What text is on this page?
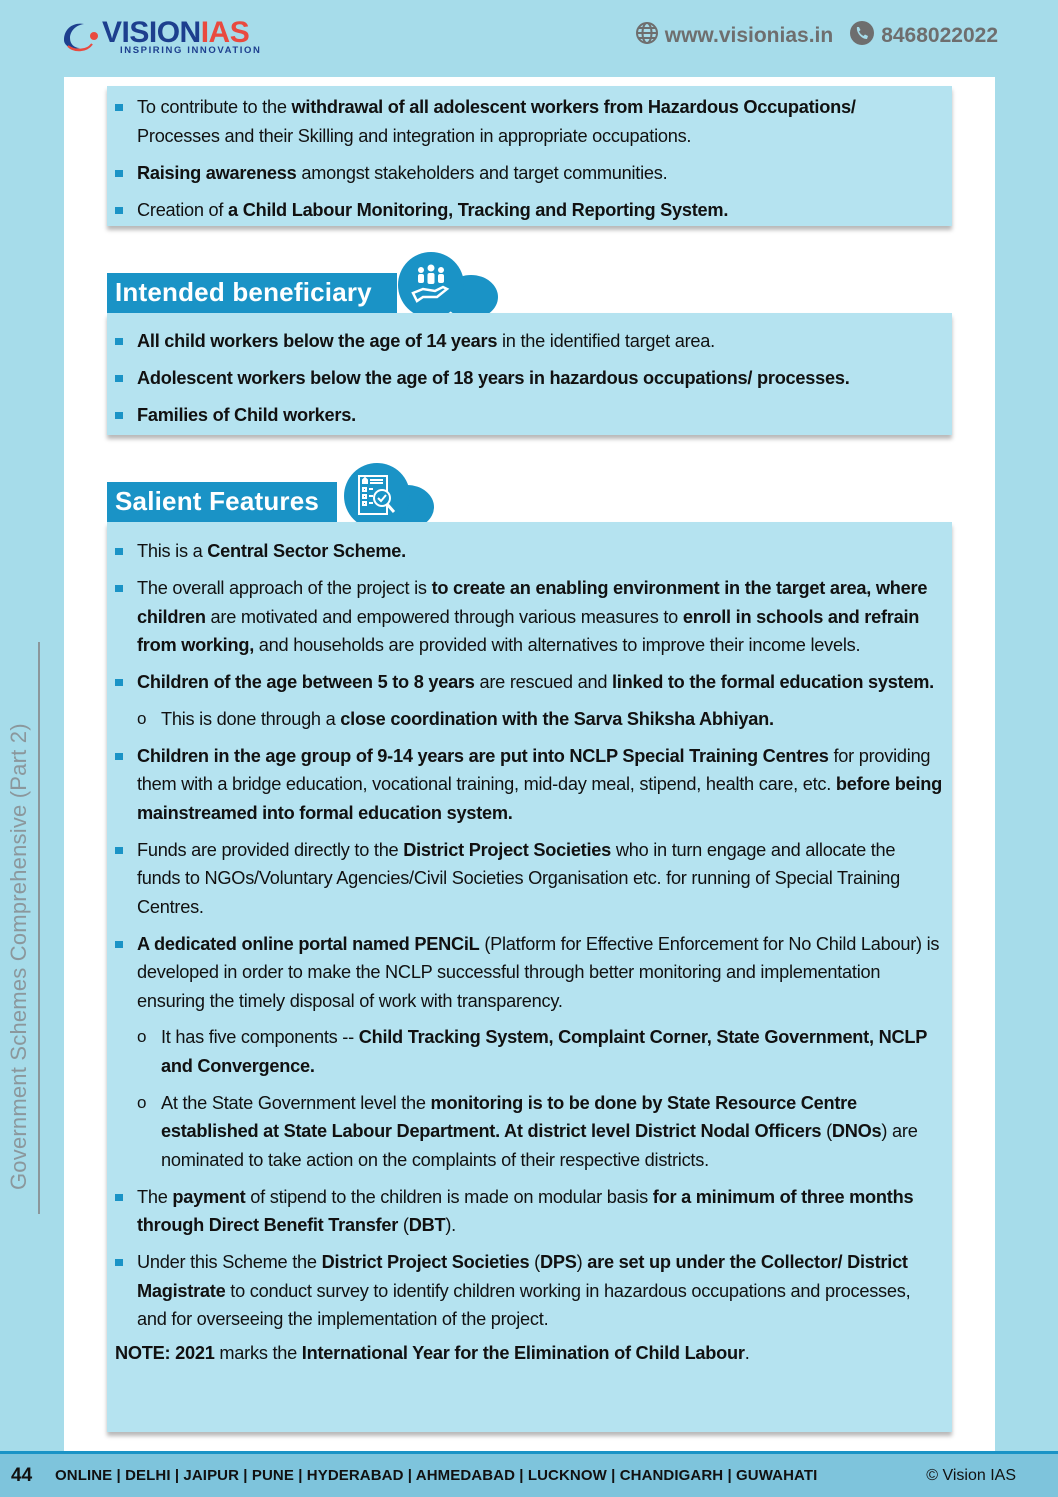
VISIONIAS
INSPIRING INNOVATION
www.visionias.in 8468022022
Government Schemes Comprehensive (Part 2)
To contribute to the withdrawal of all adolescent workers from Hazardous Occupations/ Processes and their Skilling and integration in appropriate occupations.
Raising awareness amongst stakeholders and target communities.
Creation of a Child Labour Monitoring, Tracking and Reporting System.
Intended beneficiary
All child workers below the age of 14 years in the identified target area.
Adolescent workers below the age of 18 years in hazardous occupations/ processes.
Families of Child workers.
Salient Features
This is a Central Sector Scheme.
The overall approach of the project is to create an enabling environment in the target area, where children are motivated and empowered through various measures to enroll in schools and refrain from working, and households are provided with alternatives to improve their income levels.
Children of the age between 5 to 8 years are rescued and linked to the formal education system.
o This is done through a close coordination with the Sarva Shiksha Abhiyan.
Children in the age group of 9-14 years are put into NCLP Special Training Centres for providing them with a bridge education, vocational training, mid-day meal, stipend, health care, etc. before being mainstreamed into formal education system.
Funds are provided directly to the District Project Societies who in turn engage and allocate the funds to NGOs/Voluntary Agencies/Civil Societies Organisation etc. for running of Special Training Centres.
A dedicated online portal named PENCiL (Platform for Effective Enforcement for No Child Labour) is developed in order to make the NCLP successful through better monitoring and implementation ensuring the timely disposal of work with transparency.
o It has five components -- Child Tracking System, Complaint Corner, State Government, NCLP and Convergence.
o At the State Government level the monitoring is to be done by State Resource Centre established at State Labour Department. At district level District Nodal Officers (DNOs) are nominated to take action on the complaints of their respective districts.
The payment of stipend to the children is made on modular basis for a minimum of three months through Direct Benefit Transfer (DBT).
Under this Scheme the District Project Societies (DPS) are set up under the Collector/ District Magistrate to conduct survey to identify children working in hazardous occupations and processes, and for overseeing the implementation of the project.
NOTE: 2021 marks the International Year for the Elimination of Child Labour.
44	ONLINE | DELHI | JAIPUR | PUNE | HYDERABAD | AHMEDABAD | LUCKNOW | CHANDIGARH | GUWAHATI	© Vision IAS
